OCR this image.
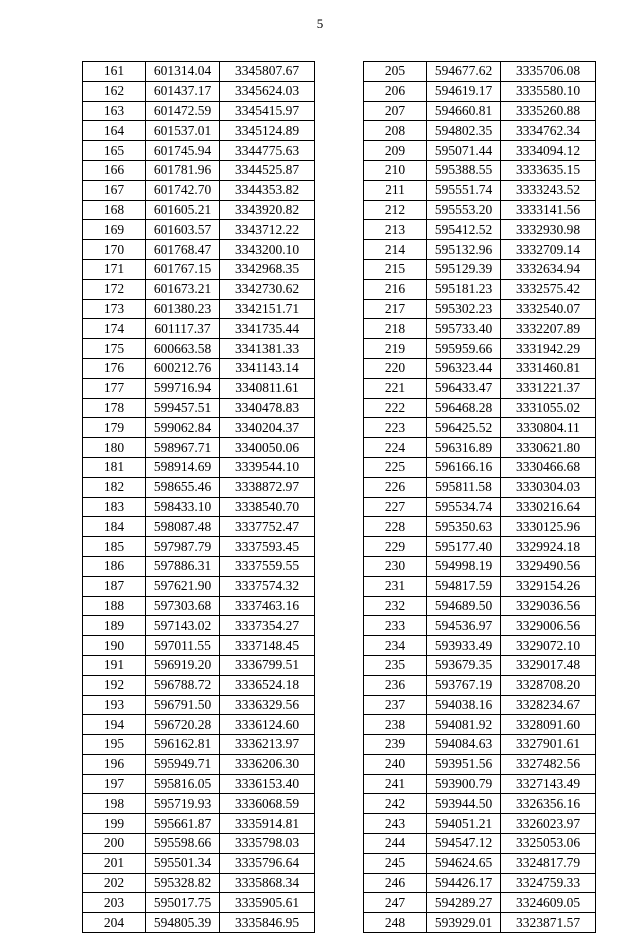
5
161	601314.04	3345807.67
162	601437.17	3345624.03
163	601472.59	3345415.97
164	601537.01	3345124.89
165	601745.94	3344775.63
166	601781.96	3344525.87
167	601742.70	3344353.82
168	601605.21	3343920.82
169	601603.57	3343712.22
170	601768.47	3343200.10
171	601767.15	3342968.35
172	601673.21	3342730.62
173	601380.23	3342151.71
174	601117.37	3341735.44
175	600663.58	3341381.33
176	600212.76	3341143.14
177	599716.94	3340811.61
178	599457.51	3340478.83
179	599062.84	3340204.37
180	598967.71	3340050.06
181	598914.69	3339544.10
182	598655.46	3338872.97
183	598433.10	3338540.70
184	598087.48	3337752.47
185	597987.79	3337593.45
186	597886.31	3337559.55
187	597621.90	3337574.32
188	597303.68	3337463.16
189	597143.02	3337354.27
190	597011.55	3337148.45
191	596919.20	3336799.51
192	596788.72	3336524.18
193	596791.50	3336329.56
194	596720.28	3336124.60
195	596162.81	3336213.97
196	595949.71	3336206.30
197	595816.05	3336153.40
198	595719.93	3336068.59
199	595661.87	3335914.81
200	595598.66	3335798.03
201	595501.34	3335796.64
202	595328.82	3335868.34
203	595017.75	3335905.61
204	594805.39	3335846.95
205	594677.62	3335706.08
206	594619.17	3335580.10
207	594660.81	3335260.88
208	594802.35	3334762.34
209	595071.44	3334094.12
210	595388.55	3333635.15
211	595551.74	3333243.52
212	595553.20	3333141.56
213	595412.52	3332930.98
214	595132.96	3332709.14
215	595129.39	3332634.94
216	595181.23	3332575.42
217	595302.23	3332540.07
218	595733.40	3332207.89
219	595959.66	3331942.29
220	596323.44	3331460.81
221	596433.47	3331221.37
222	596468.28	3331055.02
223	596425.52	3330804.11
224	596316.89	3330621.80
225	596166.16	3330466.68
226	595811.58	3330304.03
227	595534.74	3330216.64
228	595350.63	3330125.96
229	595177.40	3329924.18
230	594998.19	3329490.56
231	594817.59	3329154.26
232	594689.50	3329036.56
233	594536.97	3329006.56
234	593933.49	3329072.10
235	593679.35	3329017.48
236	593767.19	3328708.20
237	594038.16	3328234.67
238	594081.92	3328091.60
239	594084.63	3327901.61
240	593951.56	3327482.56
241	593900.79	3327143.49
242	593944.50	3326356.16
243	594051.21	3326023.97
244	594547.12	3325053.06
245	594624.65	3324817.79
246	594426.17	3324759.33
247	594289.27	3324609.05
248	593929.01	3323871.57
